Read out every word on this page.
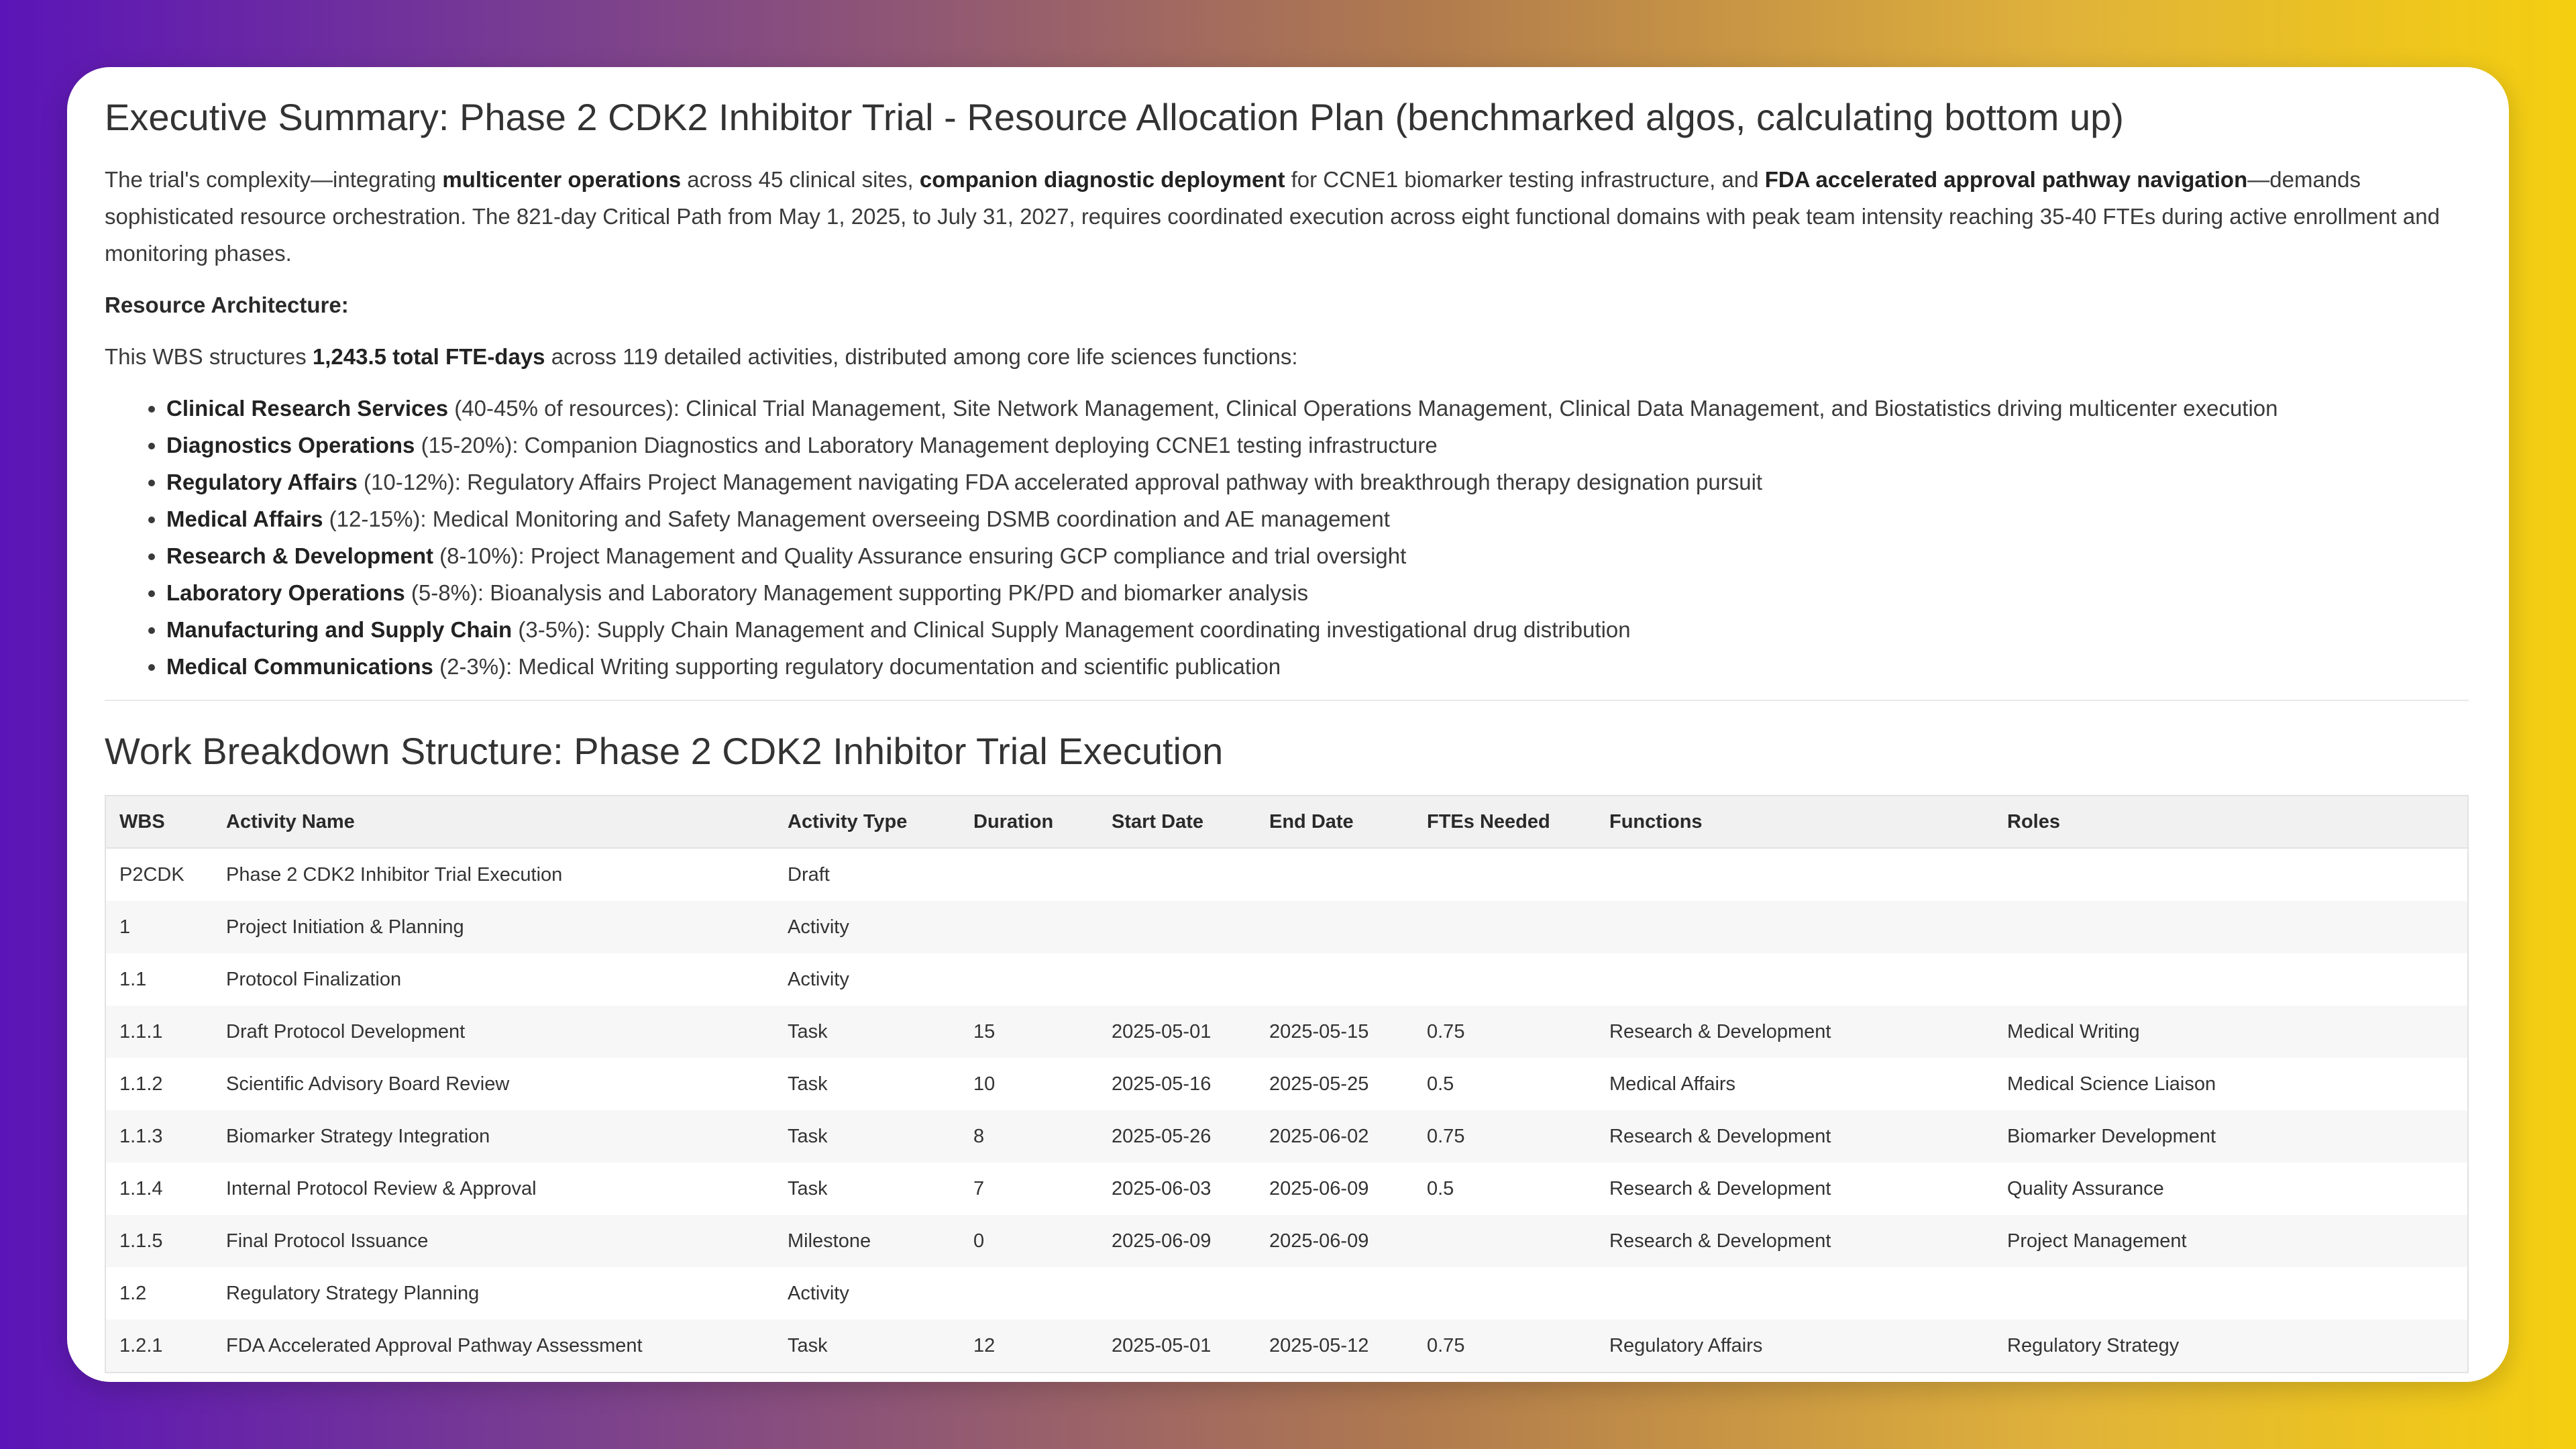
Executive Summary: Phase 2 CDK2 Inhibitor Trial - Resource Allocation Plan (benchmarked algos, calculating bottom up)

The trial's complexity—integrating multicenter operations across 45 clinical sites, companion diagnostic deployment for CCNE1 biomarker testing infrastructure, and FDA accelerated approval pathway navigation—demands sophisticated resource orchestration. The 821-day Critical Path from May 1, 2025, to July 31, 2027, requires coordinated execution across eight functional domains with peak team intensity reaching 35-40 FTEs during active enrollment and monitoring phases.

Resource Architecture:

This WBS structures 1,243.5 total FTE-days across 119 detailed activities, distributed among core life sciences functions:

• Clinical Research Services (40-45% of resources): Clinical Trial Management, Site Network Management, Clinical Operations Management, Clinical Data Management, and Biostatistics driving multicenter execution
• Diagnostics Operations (15-20%): Companion Diagnostics and Laboratory Management deploying CCNE1 testing infrastructure
• Regulatory Affairs (10-12%): Regulatory Affairs Project Management navigating FDA accelerated approval pathway with breakthrough therapy designation pursuit
• Medical Affairs (12-15%): Medical Monitoring and Safety Management overseeing DSMB coordination and AE management
• Research & Development (8-10%): Project Management and Quality Assurance ensuring GCP compliance and trial oversight
• Laboratory Operations (5-8%): Bioanalysis and Laboratory Management supporting PK/PD and biomarker analysis
• Manufacturing and Supply Chain (3-5%): Supply Chain Management and Clinical Supply Management coordinating investigational drug distribution
• Medical Communications (2-3%): Medical Writing supporting regulatory documentation and scientific publication
Work Breakdown Structure: Phase 2 CDK2 Inhibitor Trial Execution
WBS	Activity Name	Activity Type	Duration	Start Date	End Date	FTEs Needed	Functions	Roles
P2CDK	Phase 2 CDK2 Inhibitor Trial Execution	Draft						
1	Project Initiation & Planning	Activity						
1.1	Protocol Finalization	Activity						
1.1.1	Draft Protocol Development	Task	15	2025-05-01	2025-05-15	0.75	Research & Development	Medical Writing
1.1.2	Scientific Advisory Board Review	Task	10	2025-05-16	2025-05-25	0.5	Medical Affairs	Medical Science Liaison
1.1.3	Biomarker Strategy Integration	Task	8	2025-05-26	2025-06-02	0.75	Research & Development	Biomarker Development
1.1.4	Internal Protocol Review & Approval	Task	7	2025-06-03	2025-06-09	0.5	Research & Development	Quality Assurance
1.1.5	Final Protocol Issuance	Milestone	0	2025-06-09	2025-06-09		Research & Development	Project Management
1.2	Regulatory Strategy Planning	Activity						
1.2.1	FDA Accelerated Approval Pathway Assessment	Task	12	2025-05-01	2025-05-12	0.75	Regulatory Affairs	Regulatory Strategy
